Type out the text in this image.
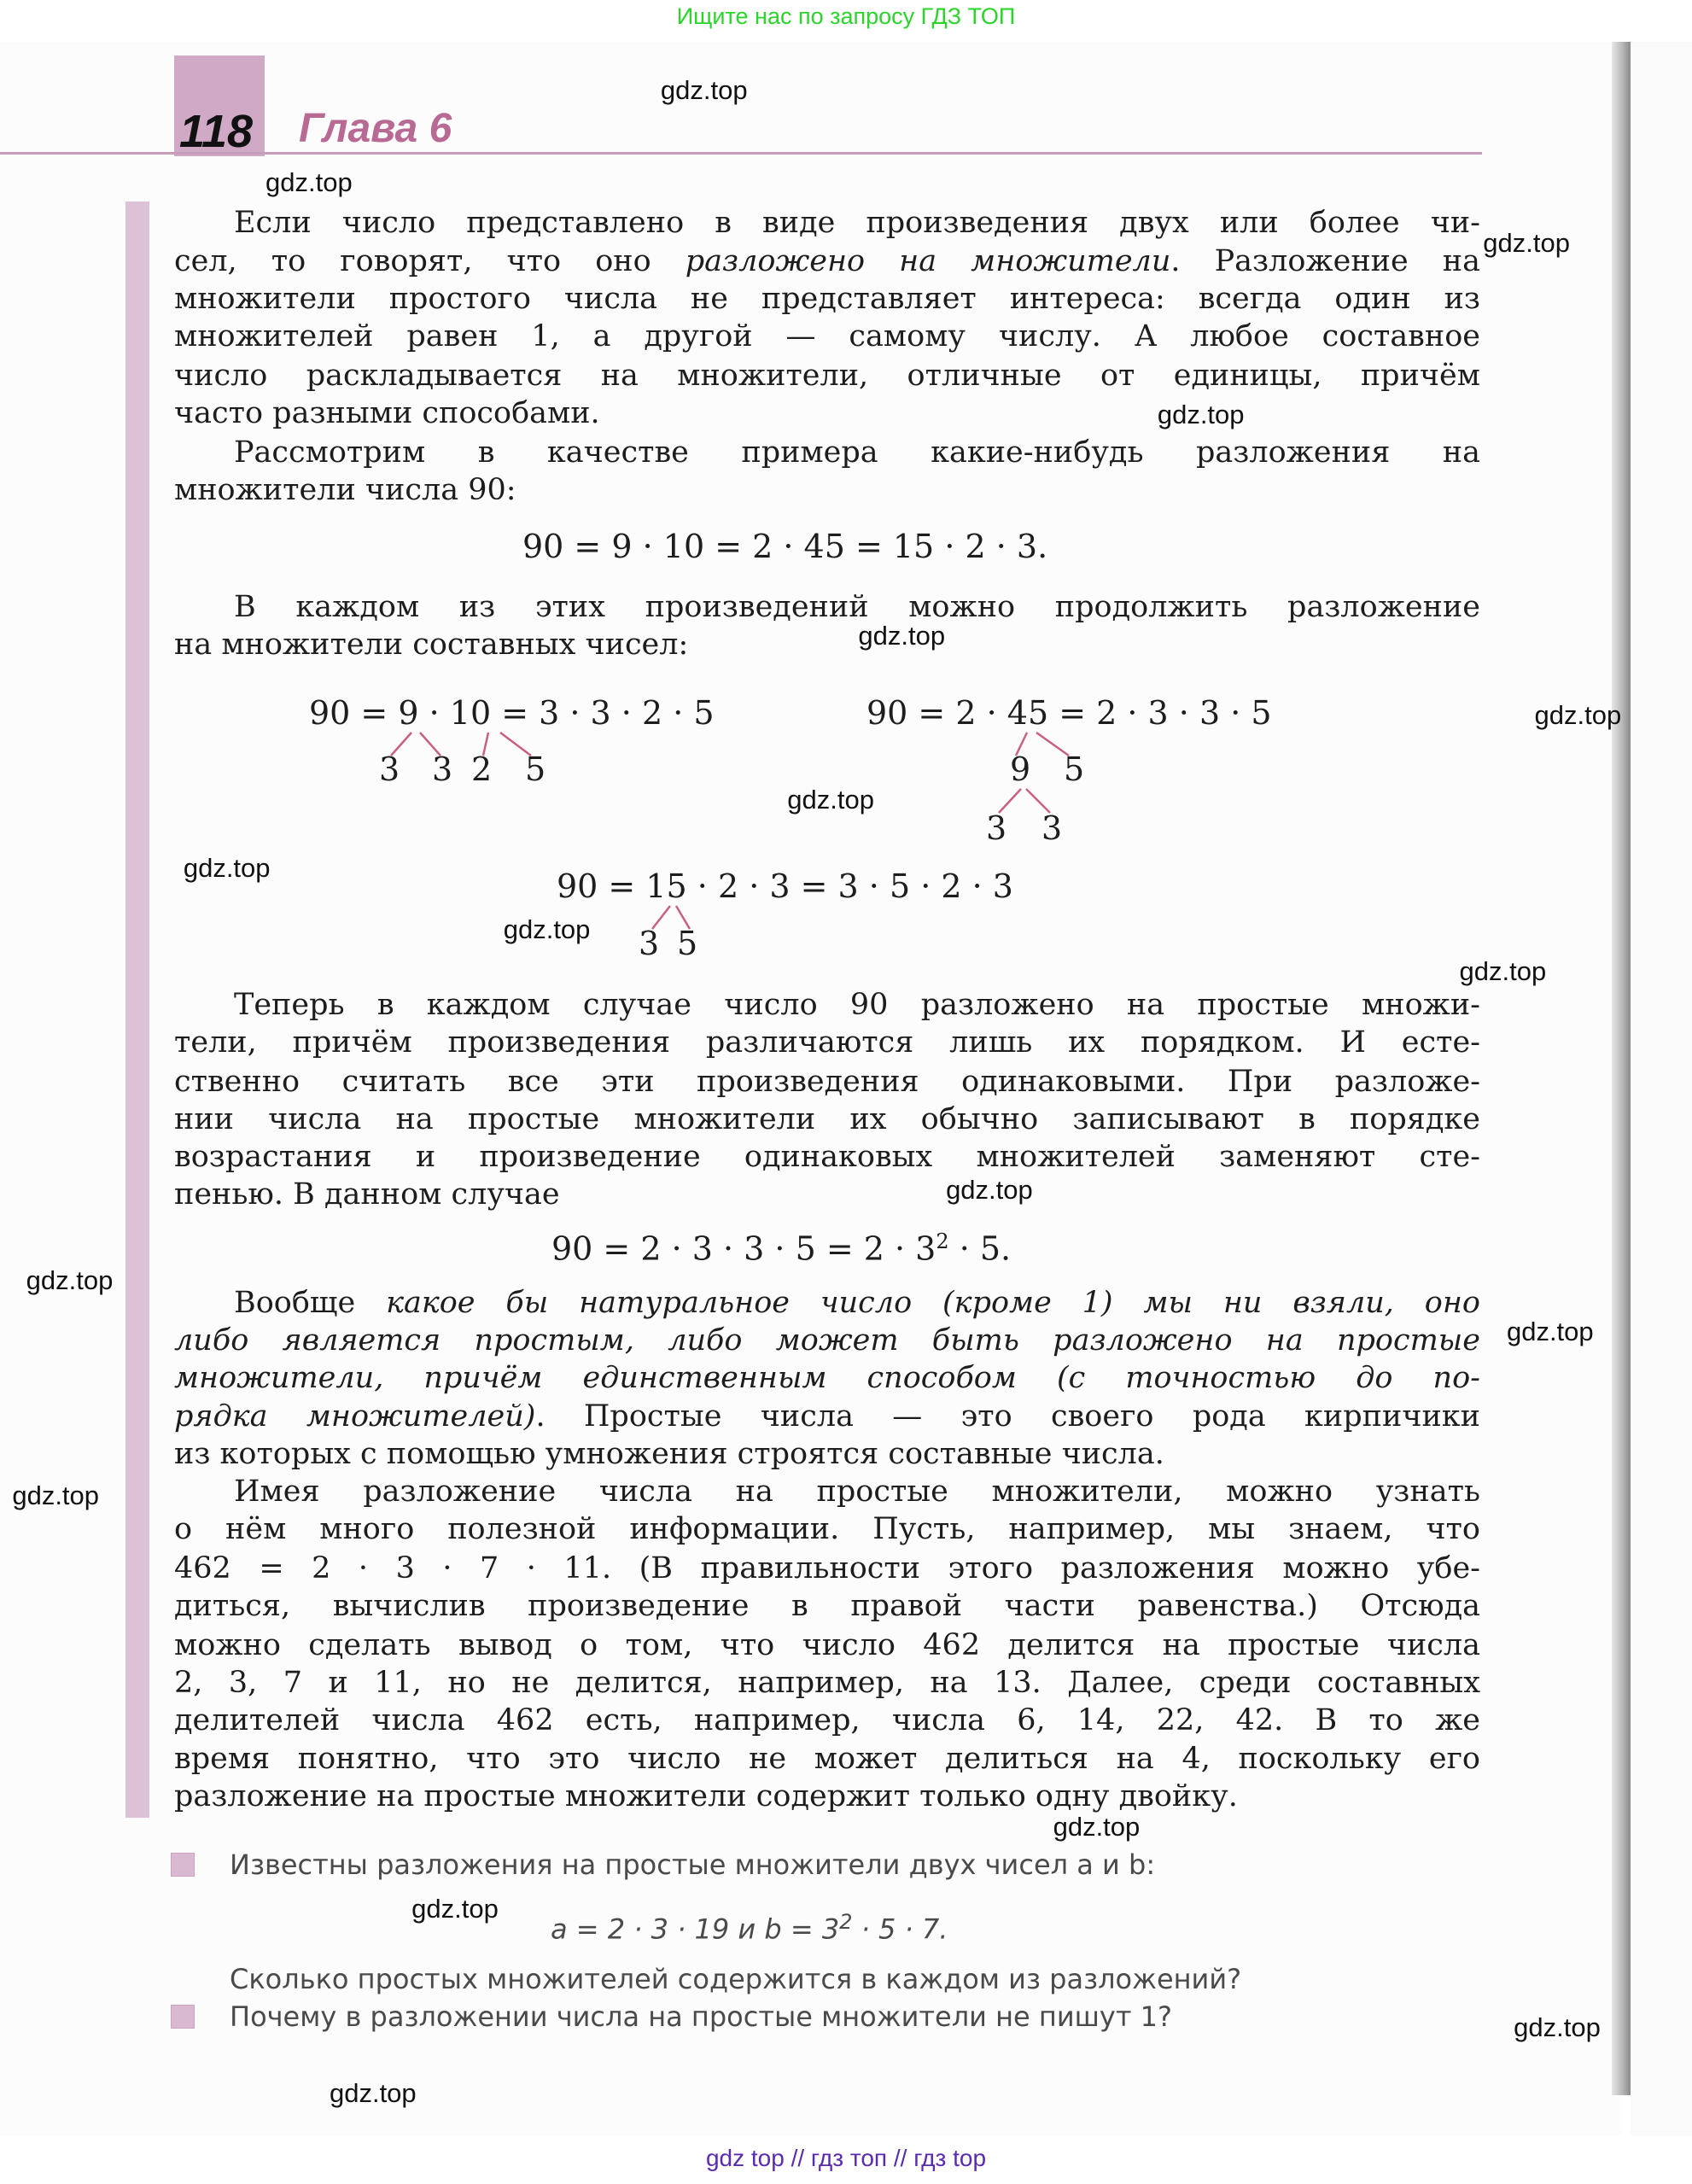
Ищите нас по запросу ГДЗ ТОП
118 Глава 6
Если число представлено в виде произведения двух или более чи-
сел, то говорят, что оно разложено на множители. Разложение на
множители простого числа не представляет интереса: всегда один из
множителей равен 1, а другой — самому числу. А любое составное
число раскладывается на множители, отличные от единицы, причём
часто разными способами.
Рассмотрим в качестве примера какие-нибудь разложения на
множители числа 90:
В каждом из этих произведений можно продолжить разложение
на множители составных чисел:
Теперь в каждом случае число 90 разложено на простые множи-
тели, причём произведения различаются лишь их порядком. И есте-
ственно считать все эти произведения одинаковыми. При разложе-
нии числа на простые множители их обычно записывают в порядке
возрастания и произведение одинаковых множителей заменяют сте-
пенью. В данном случае
Вообще какое бы натуральное число (кроме 1) мы ни взяли, оно
либо является простым, либо может быть разложено на простые
множители, причём единственным способом (с точностью до по-
рядка множителей). Простые числа — это своего рода кирпичики
из которых с помощью умножения строятся составные числа.
Имея разложение числа на простые множители, можно узнать
о нём много полезной информации. Пусть, например, мы знаем, что
462 = 2 · 3 · 7 · 11. (В правильности этого разложения можно убе-
диться, вычислив произведение в правой части равенства.) Отсюда
можно сделать вывод о том, что число 462 делится на простые числа
2, 3, 7 и 11, но не делится, например, на 13. Далее, среди составных
делителей числа 462 есть, например, числа 6, 14, 22, 42. В то же
время понятно, что это число не может делиться на 4, поскольку его
разложение на простые множители содержит только одну двойку.
90 = 9 · 10 = 2 · 45 = 15 · 2 · 3.
90 = 9 · 10 = 3 · 3 · 2 · 5
3 3 2 5
90 = 2 · 45 = 2 · 3 · 3 · 5
9 5
3 3
90 = 15 · 2 · 3 = 3 · 5 · 2 · 3
3 5
$90 = 2 \cdot 3 \cdot 3 \cdot 5 = 2 \cdot 3^2 \cdot 5$.
Известны разложения на простые множители двух чисел a и b:
a = 2 · 3 · 19 и $b = 3^2 \cdot 5 \cdot 7$.
Сколько простых множителей содержится в каждом из разложений?
Почему в разложении числа на простые множители не пишут 1?
gdz.top
gdz.top
gdz.top
gdz.top
gdz.top
gdz.top
gdz.top
gdz.top
gdz.top
gdz.top
gdz.top
gdz.top
gdz.top
gdz.top
gdz.top
gdz.top
gdz.top
gdz.top
gdz top // гдз топ // гдз top
